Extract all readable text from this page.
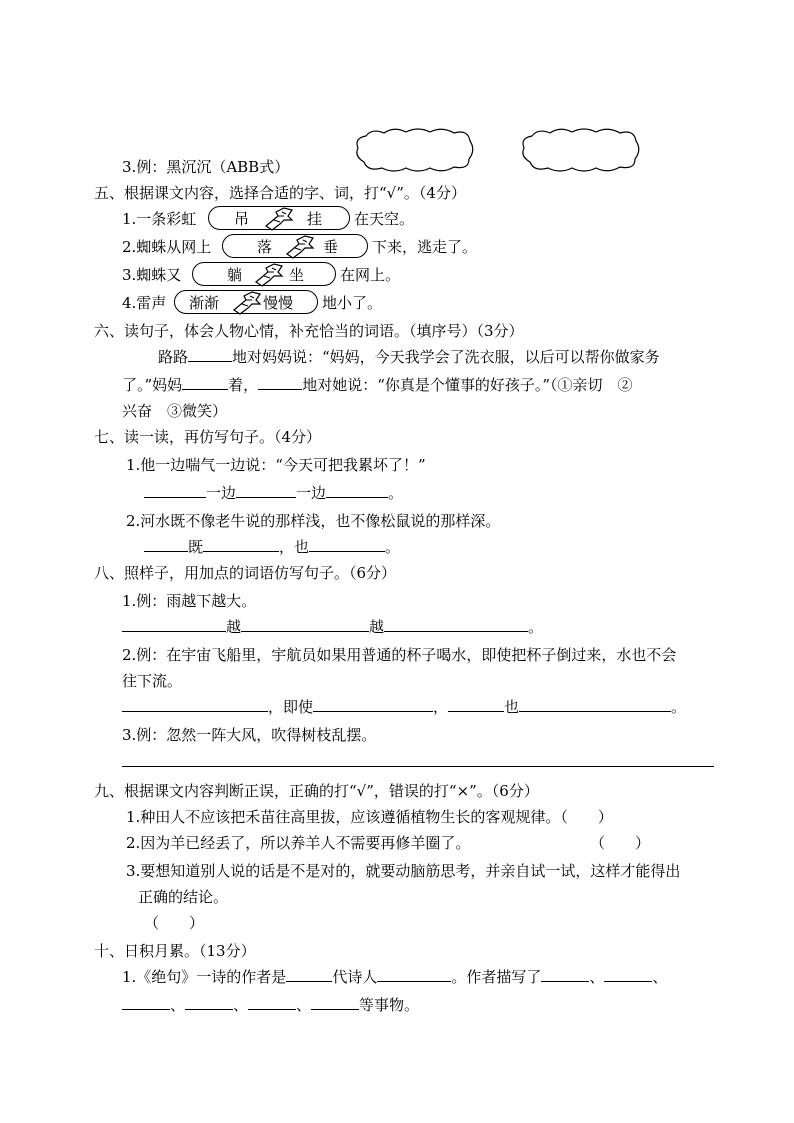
3.例：黑沉沉（ABB式）
五、根据课文内容，选择合适的字、词，打“√”。（4分）
1.一条彩虹	吊	挂 在天空。
2.蜘蛛从网上	落	垂 下来，逃走了。
3.蜘蛛又	躺	坐 在网上。
4.雷声 渐渐	慢慢 地小了。
六、读句子，体会人物心情，补充恰当的词语。（填序号）（3分）
路路	地对妈妈说：“妈妈，今天我学会了洗衣服，以后可以帮你做家务
了。”妈妈	着，	地对她说：“你真是个懂事的好孩子。”（①亲切　②
兴奋　③微笑）
七、读一读，再仿写句子。（4分）
1.他一边喘气一边说：“今天可把我累坏了！”
一边	一边	。
2.河水既不像老牛说的那样浅，也不像松鼠说的那样深。
既	，也	。
八、照样子，用加点的词语仿写句子。（6分）
1.例：雨越下越大。
越	越	。
2.例：在宇宙飞船里，宇航员如果用普通的杯子喝水，即使把杯子倒过来，水也不会
往下流。
，即使	，	也	。
3.例：忽然一阵大风，吹得树枝乱摆。
九、根据课文内容判断正误，正确的打“√”，错误的打“×”。（6分）
1.种田人不应该把禾苗往高里拔，应该遵循植物生长的客观规律。（　　）
2.因为羊已经丢了，所以养羊人不需要再修羊圈了。	（　　）
3.要想知道别人说的话是不是对的，就要动脑筋思考，并亲自试一试，这样才能得出
正确的结论。
（　　）
十、日积月累。（13分）
1.《绝句》一诗的作者是	代诗人	。作者描写了	、	、
、	、	、	等事物。
